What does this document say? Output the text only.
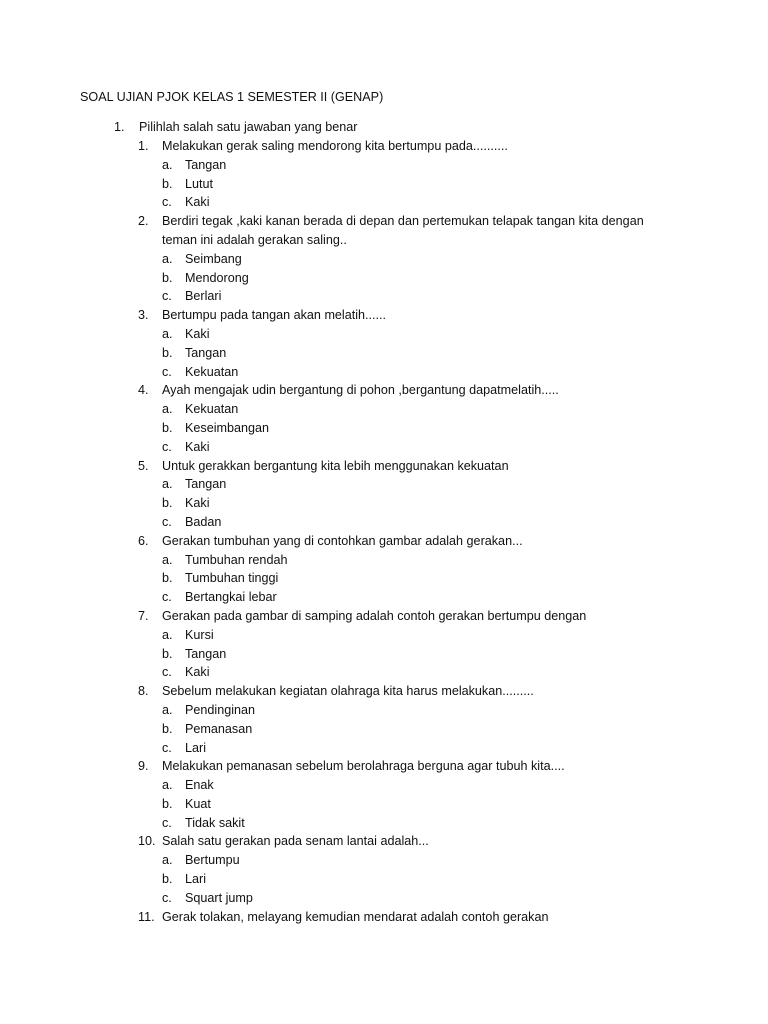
SOAL UJIAN PJOK KELAS 1 SEMESTER II (GENAP)
1. Pilihlah salah satu jawaban yang benar
1.	Melakukan gerak saling mendorong kita bertumpu pada..........
a. Tangan
b. Lutut
c.	Kaki
2.	Berdiri tegak ,kaki kanan berada di depan dan pertemukan telapak tangan kita dengan
teman ini adalah gerakan saling..
a. Seimbang
b. Mendorong
c.	Berlari
3.	Bertumpu pada tangan akan melatih......
a. Kaki
b. Tangan
c.	Kekuatan
4.	Ayah mengajak udin bergantung di pohon ,bergantung dapatmelatih.....
a. Kekuatan
b. Keseimbangan
c.	Kaki
5.	Untuk gerakkan bergantung kita lebih menggunakan kekuatan
a. Tangan
b. Kaki
c.	Badan
6.	Gerakan tumbuhan yang di contohkan gambar adalah gerakan...
a. Tumbuhan rendah
b. Tumbuhan tinggi
c.	Bertangkai lebar
7.	Gerakan pada gambar di samping adalah contoh gerakan bertumpu dengan
a. Kursi
b. Tangan
c.	Kaki
8.	Sebelum melakukan kegiatan olahraga kita harus melakukan.........
a. Pendinginan
b. Pemanasan
c.	Lari
9.	Melakukan pemanasan sebelum berolahraga berguna agar tubuh kita....
a. Enak
b. Kuat
c.	Tidak sakit
10. Salah satu gerakan pada senam lantai adalah...
a. Bertumpu
b. Lari
c.	Squart jump
11. Gerak tolakan, melayang kemudian mendarat adalah contoh gerakan
